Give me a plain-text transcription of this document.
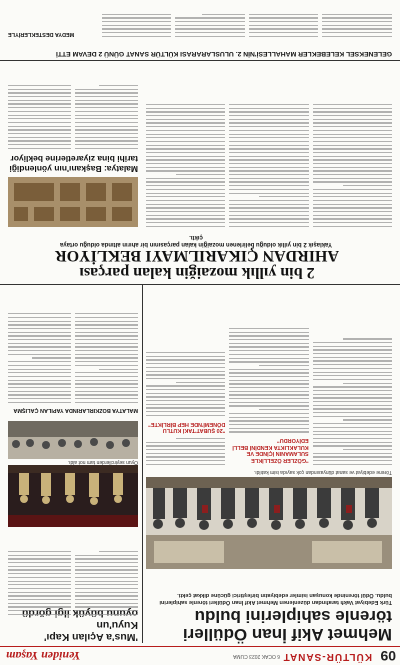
09
KÜLTÜR-SANAT
6 OCAK 2023 CUMA
Yeniden Yaşam
Mehmet Akif İnan Ödülleri
törenle sahiplerini buldu
Türk Edebiyat Vakfı tarafından düzenlenen Mehmet Akif İnan Ödülleri törenle sahiplerini buldu. Ödül töreninde konuşan isimler edebiyatın birleştirici gücüne dikkat çekti.
Törene edebiyat ve sanat dünyasından çok sayıda isim katıldı.
"GÖZLER ÖZELLİKLE SULAMANIN İÇİNDE VE KULAKLIKTA KENDİNİ BELLİ EDİYORDU"
"20 ŞUBAT'TAKİ KUTLU DÖNEMİ'NDE HEP BİRLİKTE"
'Mus'a Açılan Kapı' Kuyu'un
Oyun seyircilerden tam not aldı.
MALATYA BOZKIRLARINDA YAPILAN ÇALIŞMA
2 bin yıllık mozaiğin kalan parçası
AHIRDAN ÇIKARILMAYI BEKLİYOR
Yaklaşık 2 bin yıllık olduğu belirlenen mozaiğin kalan parçasının bir ahırın altında olduğu ortaya çıktı.
Malatya: Başkanı'nın yönlendiği
tarihi bina ziyaretlerine bekliyor
GELENEKSEL KELEBEKLER MAHALLESİ'NİN 2. ULUSLARARASI KÜLTÜR SANAT GÜNÜ 2 DEVAM ETTİ
MEDYA DESTEKLERİYLE
